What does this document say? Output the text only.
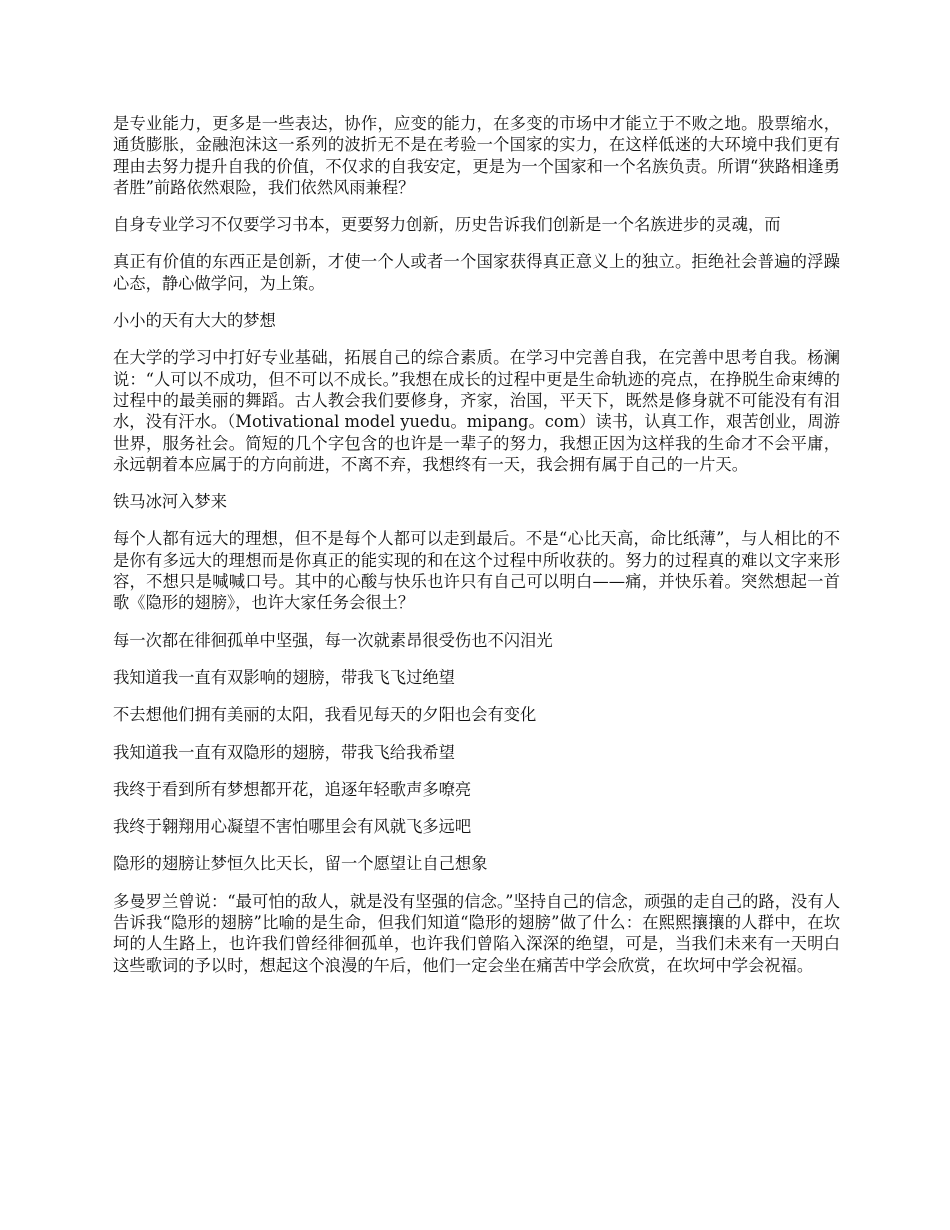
是专业能力，更多是一些表达，协作，应变的能力，在多变的市场中才能立于不败之地。股票缩水，通货膨胀，金融泡沫这一系列的波折无不是在考验一个国家的实力，在这样低迷的大环境中我们更有理由去努力提升自我的价值，不仅求的自我安定，更是为一个国家和一个名族负责。所谓“狭路相逢勇者胜”前路依然艰险，我们依然风雨兼程？

自身专业学习不仅要学习书本，更要努力创新，历史告诉我们创新是一个名族进步的灵魂，而

真正有价值的东西正是创新，才使一个人或者一个国家获得真正意义上的独立。拒绝社会普遍的浮躁心态，静心做学问，为上策。

小小的天有大大的梦想

在大学的学习中打好专业基础，拓展自己的综合素质。在学习中完善自我，在完善中思考自我。杨澜说：“人可以不成功，但不可以不成长。”我想在成长的过程中更是生命轨迹的亮点，在挣脱生命束缚的过程中的最美丽的舞蹈。古人教会我们要修身，齐家，治国，平天下，既然是修身就不可能没有有泪水，没有汗水。（Motivational model yuedu。mipang。com）读书，认真工作，艰苦创业，周游世界，服务社会。简短的几个字包含的也许是一辈子的努力，我想正因为这样我的生命才不会平庸，永远朝着本应属于的方向前进，不离不弃，我想终有一天，我会拥有属于自己的一片天。

铁马冰河入梦来

每个人都有远大的理想，但不是每个人都可以走到最后。不是“心比天高，命比纸薄”，与人相比的不是你有多远大的理想而是你真正的能实现的和在这个过程中所收获的。努力的过程真的难以文字来形容，不想只是喊喊口号。其中的心酸与快乐也许只有自己可以明白——痛，并快乐着。突然想起一首歌《隐形的翅膀》，也许大家任务会很土？

每一次都在徘徊孤单中坚强，每一次就素昂很受伤也不闪泪光

我知道我一直有双影响的翅膀，带我飞飞过绝望

不去想他们拥有美丽的太阳，我看见每天的夕阳也会有变化

我知道我一直有双隐形的翅膀，带我飞给我希望

我终于看到所有梦想都开花，追逐年轻歌声多嘹亮

我终于翱翔用心凝望不害怕哪里会有风就飞多远吧

隐形的翅膀让梦恒久比天长，留一个愿望让自己想象

多曼罗兰曾说：“最可怕的敌人，就是没有坚强的信念。”坚持自己的信念，顽强的走自己的路，没有人告诉我“隐形的翅膀”比喻的是生命，但我们知道“隐形的翅膀”做了什么：在熙熙攘攘的人群中，在坎坷的人生路上，也许我们曾经徘徊孤单，也许我们曾陷入深深的绝望，可是，当我们未来有一天明白这些歌词的予以时，想起这个浪漫的午后，他们一定会坐在痛苦中学会欣赏，在坎坷中学会祝福。
